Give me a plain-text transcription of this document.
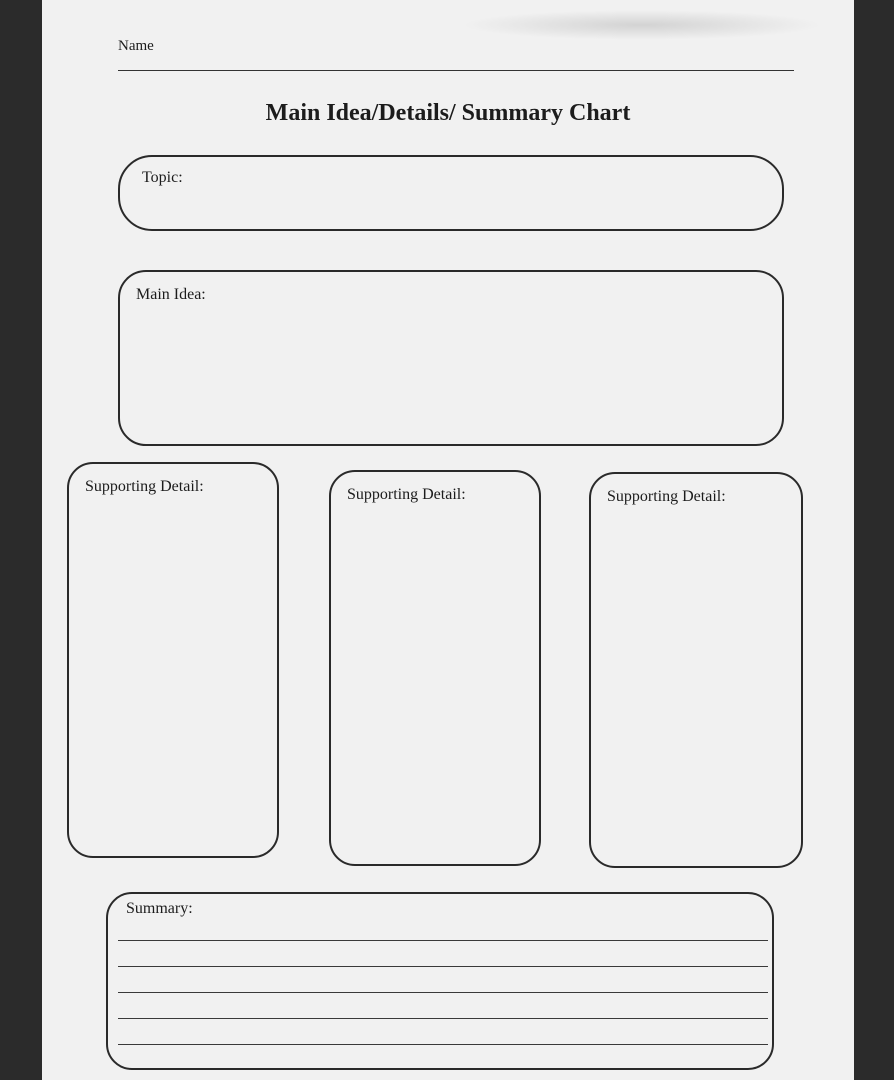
Name
Main Idea/Details/ Summary Chart
Topic:
Main Idea:
Supporting Detail:	Supporting Detail:	Supporting Detail:
Summary:
